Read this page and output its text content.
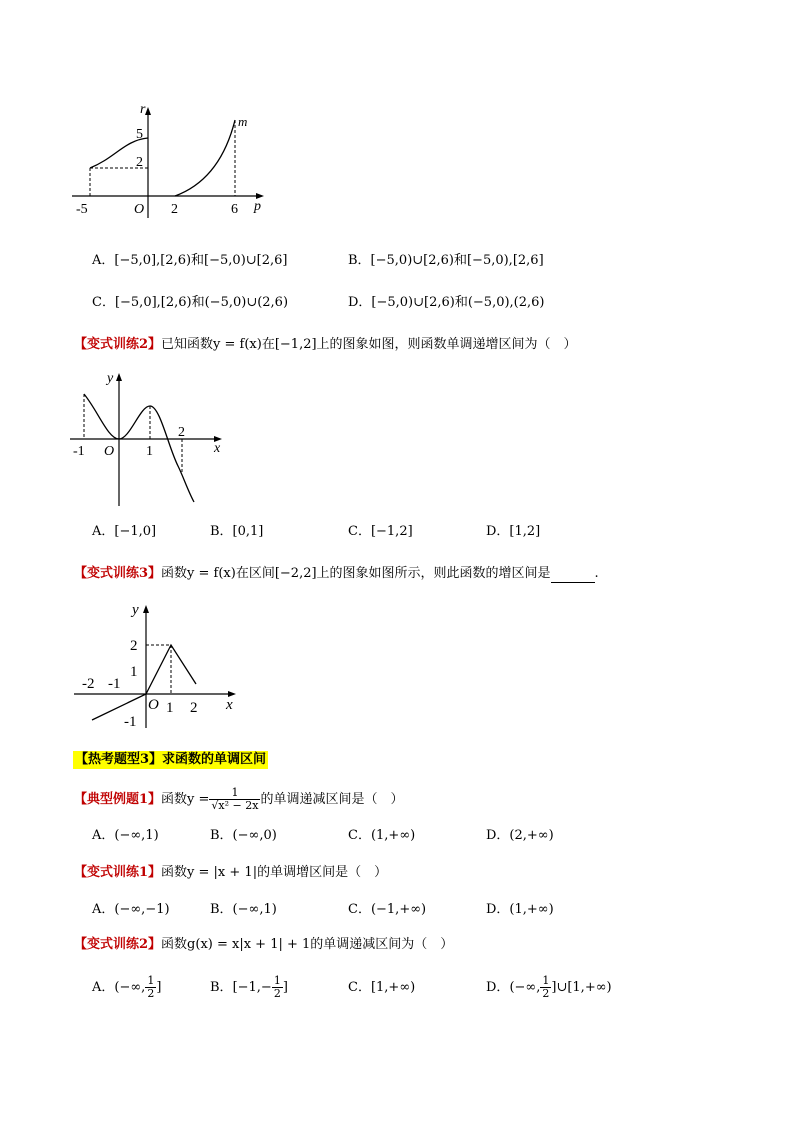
r
p
m
O
-5	2	6
5
2
A．[−5,0],[2,6)和[−5,0)∪[2,6]	B．[−5,0)∪[2,6)和[−5,0),[2,6]
C．[−5,0],[2,6)和(−5,0)∪(2,6)	D．[−5,0)∪[2,6)和(−5,0),(2,6)
【变式训练2】已知函数y = f(x)在[−1,2]上的图象如图，则函数单调递增区间为（　）
y
x
O
-1	1
2
A．[−1,0]	B．[0,1]	C．[−1,2]	D．[1,2]
【变式训练3】函数y = f(x)在区间[−2,2]上的图象如图所示，则此函数的增区间是	.
y
x
O
-2 -1
1 2
2
1
-1
【热考题型3】求函数的单调区间
【典型例题1】函数$y = \frac{1}{\text{√x² − 2x}}$ 的单调递减区间是（　）
A．(−∞,1)	B．(−∞,0)	C．(1,+∞)	D．(2,+∞)
【变式训练1】函数y = |x + 1|的单调增区间是（　）
A．(−∞,−1)	B．(−∞,1)	C．(−1,+∞)	D．(1,+∞)
【变式训练2】函数g(x) = x|x + 1| + 1的单调递减区间为（　）
A．(−∞, $\frac{1}{2}$ ]	B．[$-1,- \frac{1}{2}$ ]	C．[1,+∞)	D．(−∞, $\frac{1}{2}$ ]∪[1,+∞)
